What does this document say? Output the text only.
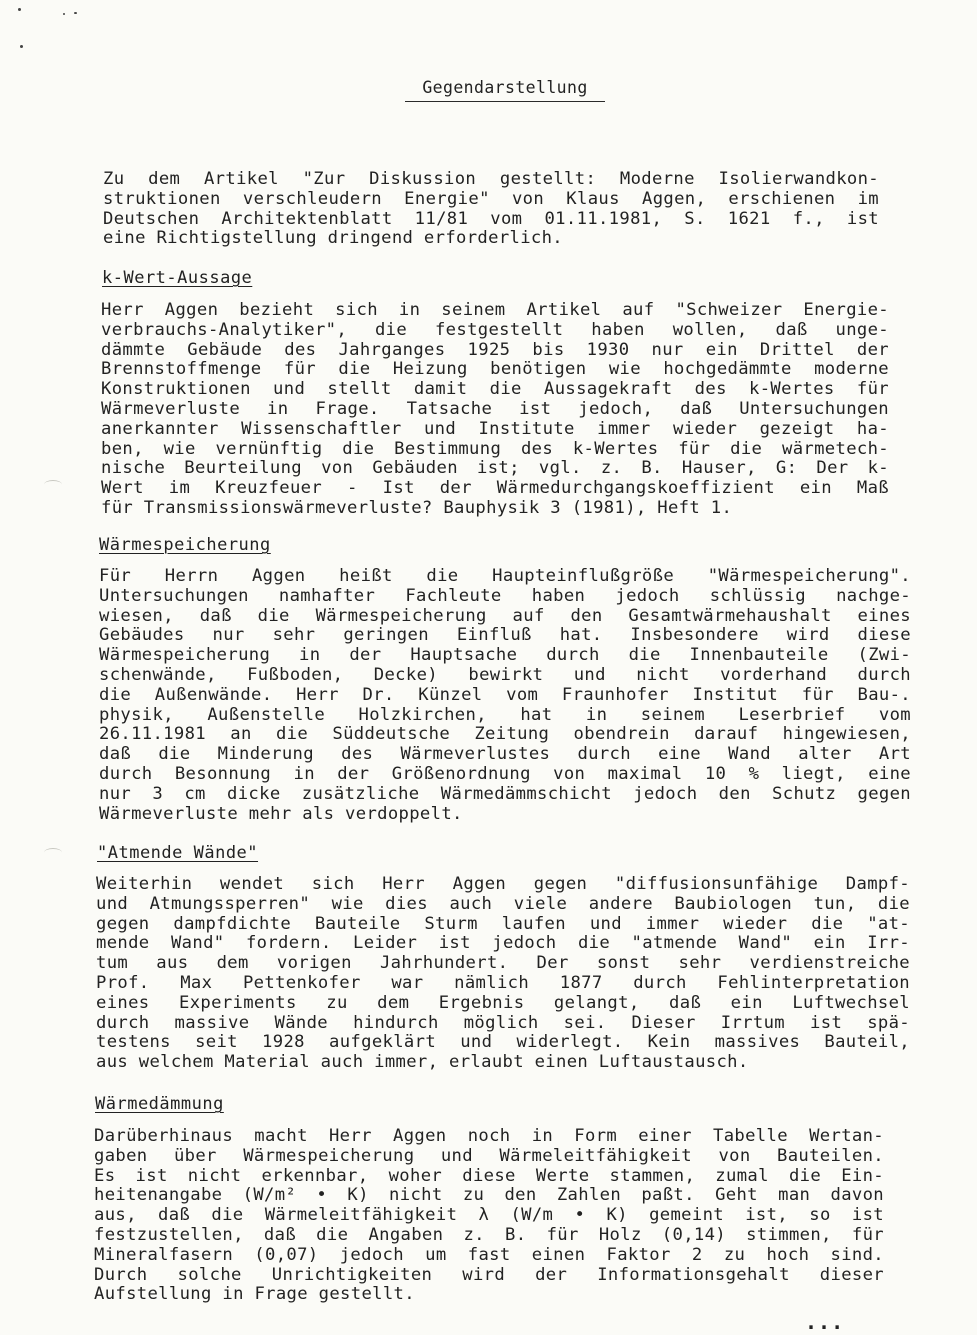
Gegendarstellung
Zu dem Artikel "Zur Diskussion gestellt: Moderne Isolierwandkon-
struktionen verschleudern Energie" von Klaus Aggen, erschienen im
Deutschen Architektenblatt 11/81 vom 01.11.1981, S. 1621 f., ist
eine Richtigstellung dringend erforderlich.
k-Wert-Aussage
Herr Aggen bezieht sich in seinem Artikel auf "Schweizer Energie-
verbrauchs-Analytiker", die festgestellt haben wollen, daß unge-
dämmte Gebäude des Jahrganges 1925 bis 1930 nur ein Drittel der
Brennstoffmenge für die Heizung benötigen wie hochgedämmte moderne
Konstruktionen und stellt damit die Aussagekraft des k-Wertes für
Wärmeverluste in Frage. Tatsache ist jedoch, daß Untersuchungen
anerkannter Wissenschaftler und Institute immer wieder gezeigt ha-
ben, wie vernünftig die Bestimmung des k-Wertes für die wärmetech-
nische Beurteilung von Gebäuden ist; vgl. z. B. Hauser, G: Der k-
Wert im Kreuzfeuer - Ist der Wärmedurchgangskoeffizient ein Maß
für Transmissionswärmeverluste? Bauphysik 3 (1981), Heft 1.
Wärmespeicherung
Für Herrn Aggen heißt die Haupteinflußgröße "Wärmespeicherung".
Untersuchungen namhafter Fachleute haben jedoch schlüssig nachge-
wiesen, daß die Wärmespeicherung auf den Gesamtwärmehaushalt eines
Gebäudes nur sehr geringen Einfluß hat. Insbesondere wird diese
Wärmespeicherung in der Hauptsache durch die Innenbauteile (Zwi-
schenwände, Fußboden, Decke) bewirkt und nicht vorderhand durch
die Außenwände. Herr Dr. Künzel vom Fraunhofer Institut für Bau-.
physik, Außenstelle Holzkirchen, hat in seinem Leserbrief vom
26.11.1981 an die Süddeutsche Zeitung obendrein darauf hingewiesen,
daß die Minderung des Wärmeverlustes durch eine Wand alter Art
durch Besonnung in der Größenordnung von maximal 10 % liegt, eine
nur 3 cm dicke zusätzliche Wärmedämmschicht jedoch den Schutz gegen
Wärmeverluste mehr als verdoppelt.
"Atmende Wände"
Weiterhin wendet sich Herr Aggen gegen "diffusionsunfähige Dampf-
und Atmungssperren" wie dies auch viele andere Baubiologen tun, die
gegen dampfdichte Bauteile Sturm laufen und immer wieder die "at-
mende Wand" fordern. Leider ist jedoch die "atmende Wand" ein Irr-
tum aus dem vorigen Jahrhundert. Der sonst sehr verdienstreiche
Prof. Max Pettenkofer war nämlich 1877 durch Fehlinterpretation
eines Experiments zu dem Ergebnis gelangt, daß ein Luftwechsel
durch massive Wände hindurch möglich sei. Dieser Irrtum ist spä-
testens seit 1928 aufgeklärt und widerlegt. Kein massives Bauteil,
aus welchem Material auch immer, erlaubt einen Luftaustausch.
Wärmedämmung
Darüberhinaus macht Herr Aggen noch in Form einer Tabelle Wertan-
gaben über Wärmespeicherung und Wärmeleitfähigkeit von Bauteilen.
Es ist nicht erkennbar, woher diese Werte stammen, zumal die Ein-
heitenangabe (W/m² • K) nicht zu den Zahlen paßt. Geht man davon
aus, daß die Wärmeleitfähigkeit λ (W/m • K) gemeint ist, so ist
festzustellen, daß die Angaben z. B. für Holz (0,14) stimmen, für
Mineralfasern (0,07) jedoch um fast einen Faktor 2 zu hoch sind.
Durch solche Unrichtigkeiten wird der Informationsgehalt dieser
Aufstellung in Frage gestellt.
...
